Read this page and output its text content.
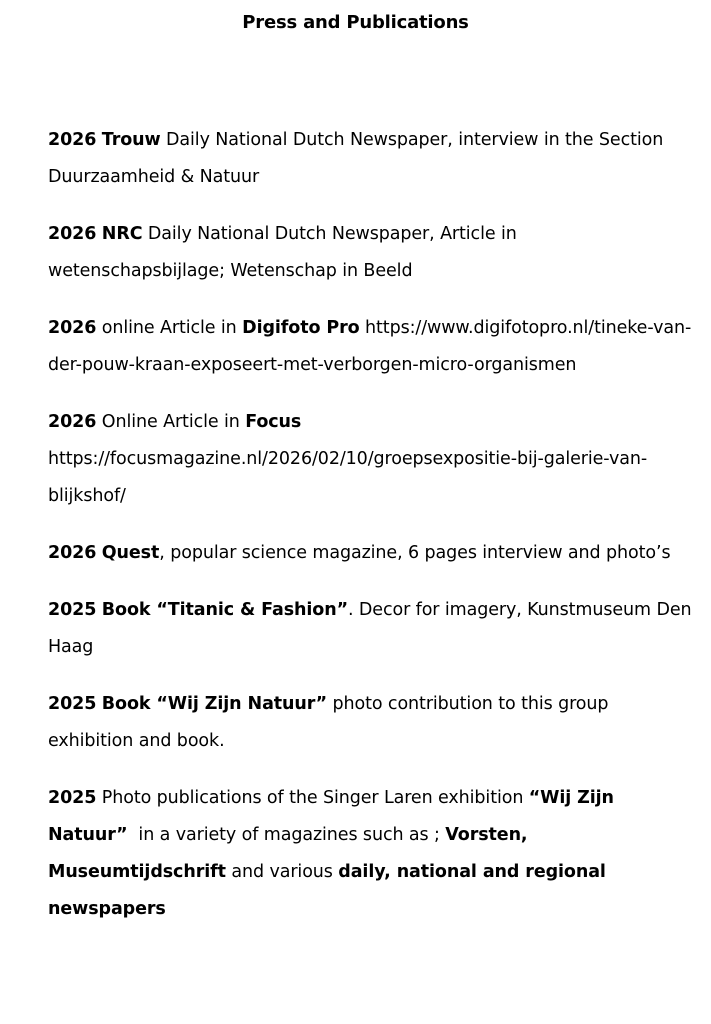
Press and Publications

2026 Trouw Daily National Dutch Newspaper, interview in the Section Duurzaamheid & Natuur

2026 NRC Daily National Dutch Newspaper, Article in wetenschapsbijlage; Wetenschap in Beeld

2026 online Article in Digifoto Pro https://www.digifotopro.nl/tineke-van-der-pouw-kraan-exposeert-met-verborgen-micro-organismen

2026 Online Article in Focus
https://focusmagazine.nl/2026/02/10/groepsexpositie-bij-galerie-van-blijkshof/

2026 Quest, popular science magazine, 6 pages interview and photo’s

2025 Book “Titanic & Fashion”. Decor for imagery, Kunstmuseum Den Haag

2025 Book “Wij Zijn Natuur” photo contribution to this group exhibition and book.

2025 Photo publications of the Singer Laren exhibition “Wij Zijn Natuur”  in a variety of magazines such as ; Vorsten, Museumtijdschrift and various daily, national and regional newspapers
